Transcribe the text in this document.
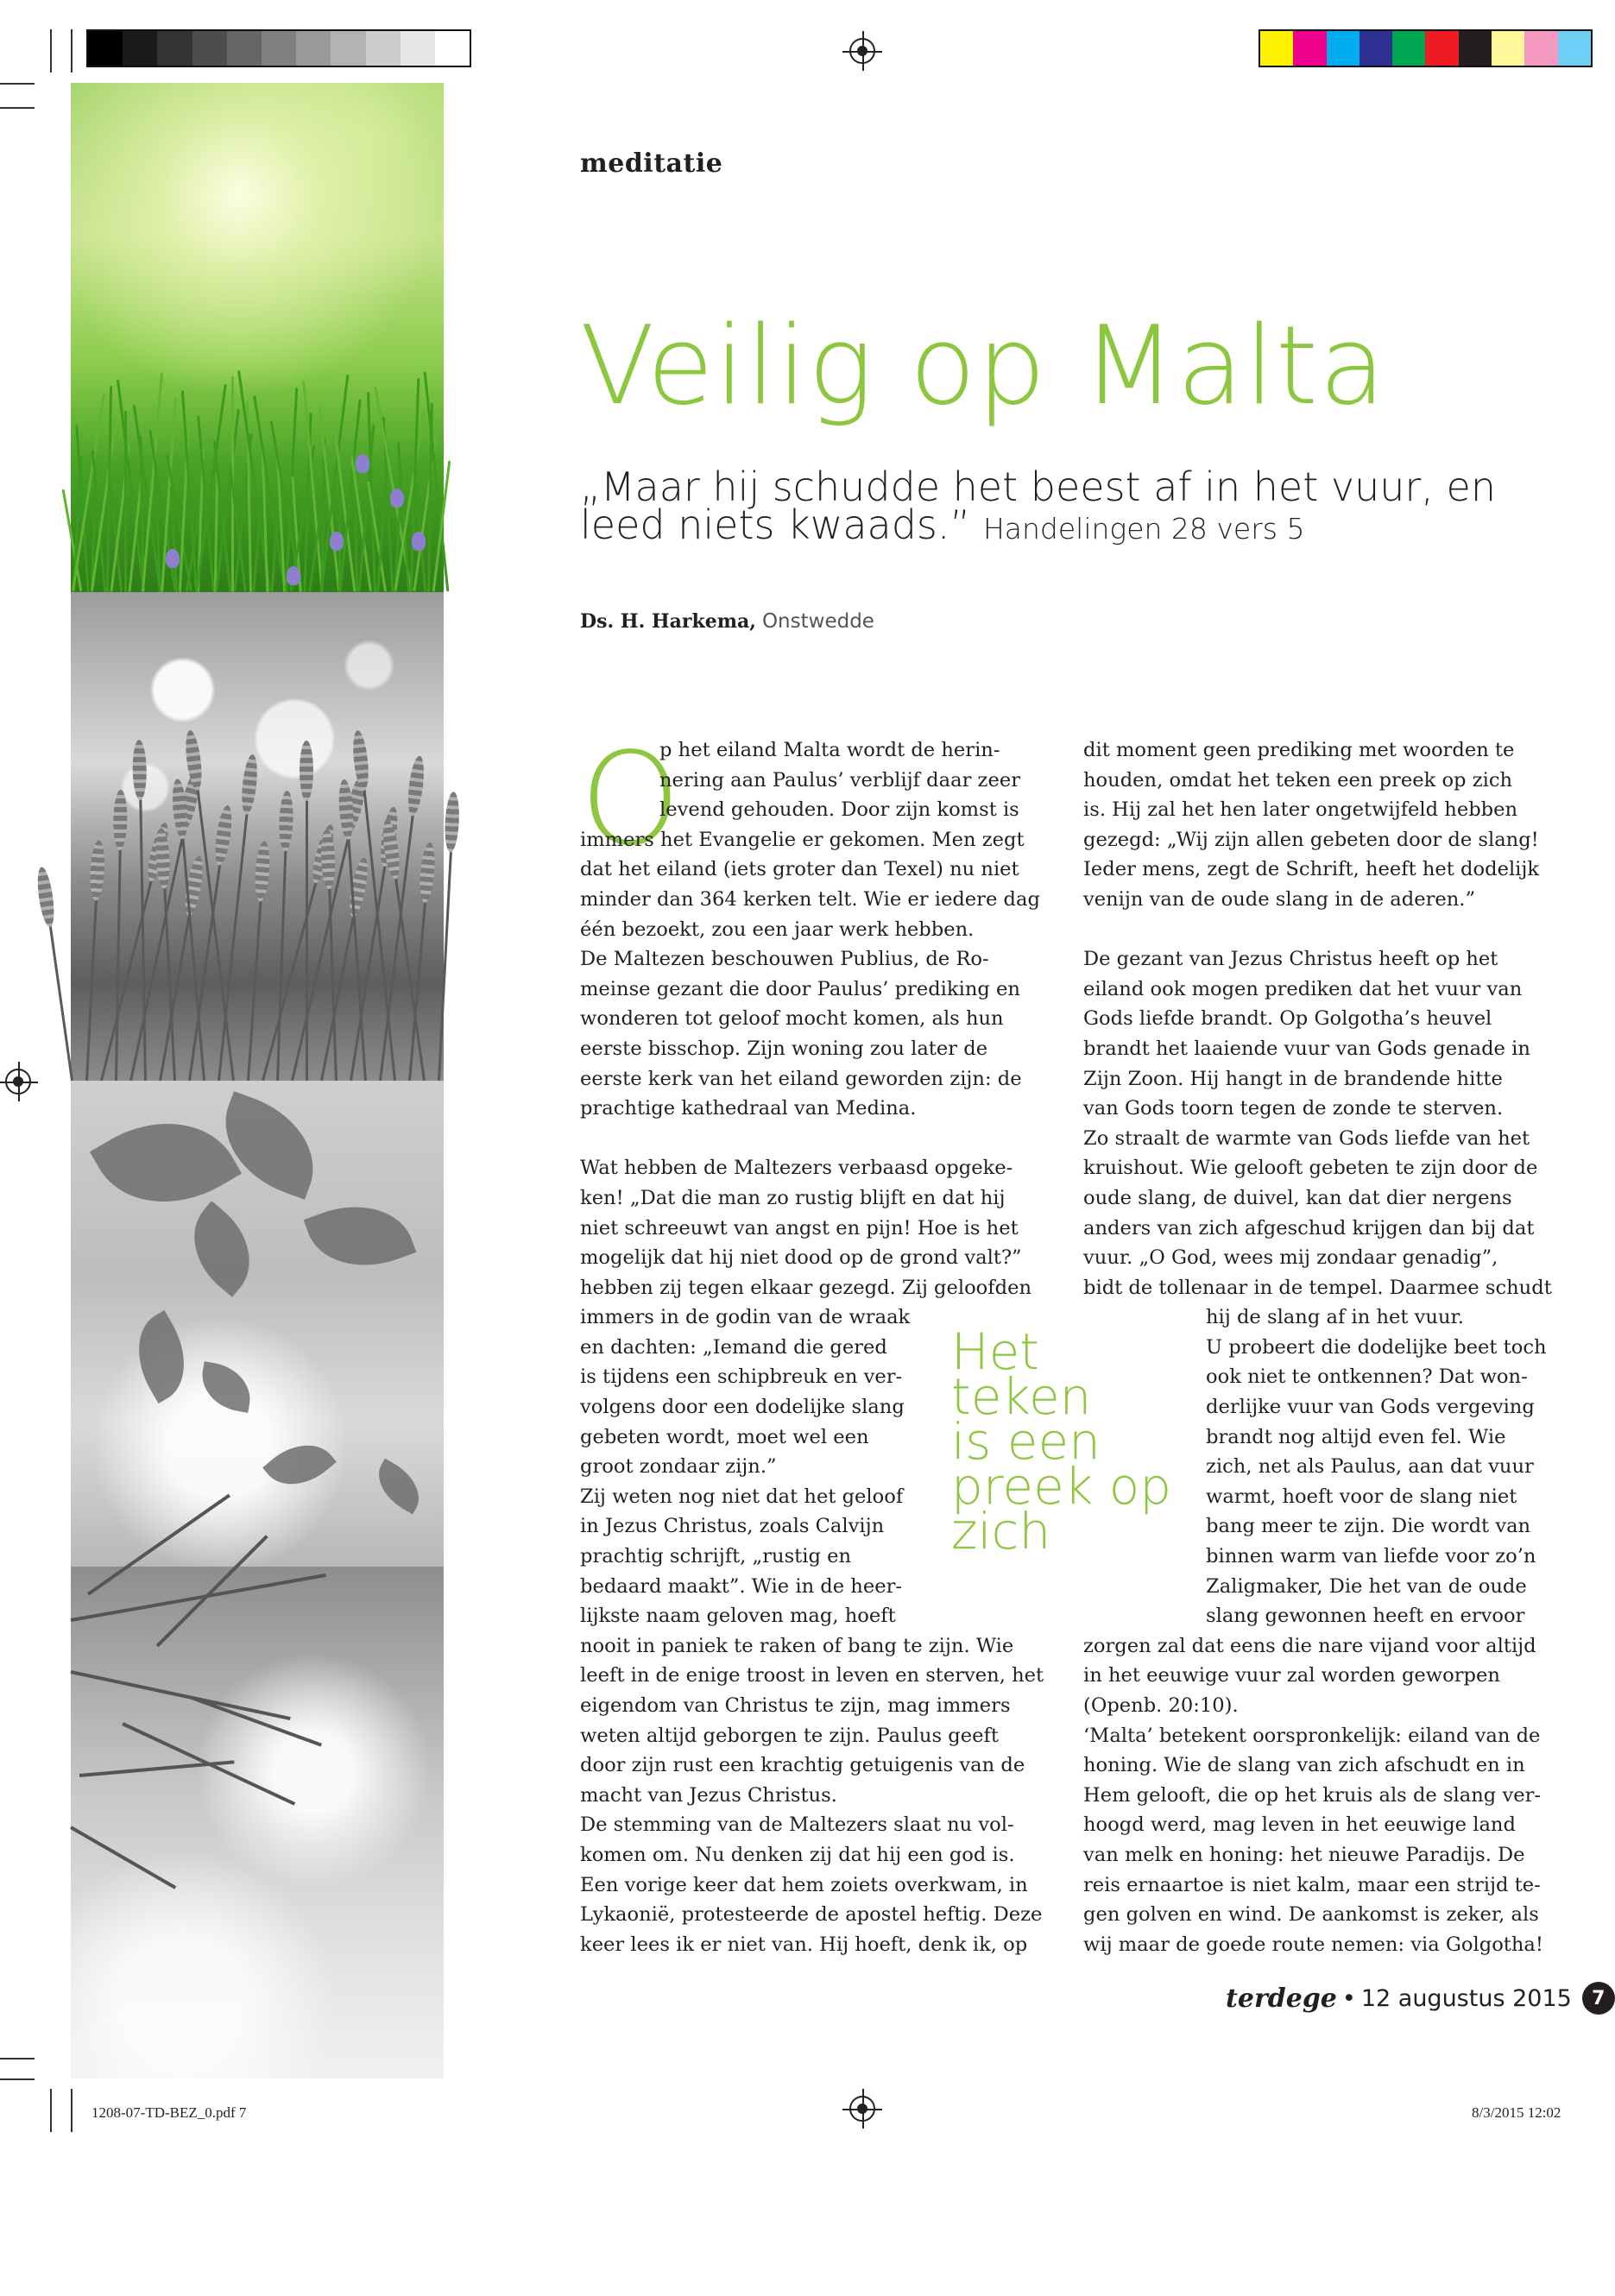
meditatie
Veilig op Malta
„Maar hij schudde het beest af in het vuur, en leed niets kwaads.” Handelingen 28 vers 5
Ds. H. Harkema, Onstwedde
O

p het eiland Malta wordt de herin-

nering aan Paulus’ verblijf daar zeer

levend gehouden. Door zijn komst is

immers het Evangelie er gekomen. Men zegt

dat het eiland (iets groter dan Texel) nu niet

minder dan 364 kerken telt. Wie er iedere dag

één bezoekt, zou een jaar werk hebben.

De Maltezen beschouwen Publius, de Ro-

meinse gezant die door Paulus’ prediking en

wonderen tot geloof mocht komen, als hun

eerste bisschop. Zijn woning zou later de

eerste kerk van het eiland geworden zijn: de

prachtige kathedraal van Medina.

Wat hebben de Maltezers verbaasd opgeke-

ken! „Dat die man zo rustig blijft en dat hij

niet schreeuwt van angst en pijn! Hoe is het

mogelijk dat hij niet dood op de grond valt?”

hebben zij tegen elkaar gezegd. Zij geloofden

immers in de godin van de wraak

en dachten: „Iemand die gered

is tijdens een schipbreuk en ver-

volgens door een dodelijke slang

gebeten wordt, moet wel een

groot zondaar zijn.”

Zij weten nog niet dat het geloof

in Jezus Christus, zoals Calvijn

prachtig schrijft, „rustig en

bedaard maakt”. Wie in de heer-

lijkste naam geloven mag, hoeft

nooit in paniek te raken of bang te zijn. Wie

leeft in de enige troost in leven en sterven, het

eigendom van Christus te zijn, mag immers

weten altijd geborgen te zijn. Paulus geeft

door zijn rust een krachtig getuigenis van de

macht van Jezus Christus.

De stemming van de Maltezers slaat nu vol-

komen om. Nu denken zij dat hij een god is.

Een vorige keer dat hem zoiets overkwam, in

Lykaonië, protesteerde de apostel heftig. Deze

keer lees ik er niet van. Hij hoeft, denk ik, op

dit moment geen prediking met woorden te

houden, omdat het teken een preek op zich

is. Hij zal het hen later ongetwijfeld hebben

gezegd: „Wij zijn allen gebeten door de slang!

Ieder mens, zegt de Schrift, heeft het dodelijk

venijn van de oude slang in de aderen.”

De gezant van Jezus Christus heeft op het

eiland ook mogen prediken dat het vuur van

Gods liefde brandt. Op Golgotha’s heuvel

brandt het laaiende vuur van Gods genade in

Zijn Zoon. Hij hangt in de brandende hitte

van Gods toorn tegen de zonde te sterven.

Zo straalt de warmte van Gods liefde van het

kruishout. Wie gelooft gebeten te zijn door de

oude slang, de duivel, kan dat dier nergens

anders van zich afgeschud krijgen dan bij dat

vuur. „O God, wees mij zondaar genadig”,

bidt de tollenaar in de tempel. Daarmee schudt

hij de slang af in het vuur.

U probeert die dodelijke beet toch

ook niet te ontkennen? Dat won-

derlijke vuur van Gods vergeving

brandt nog altijd even fel. Wie

zich, net als Paulus, aan dat vuur

warmt, hoeft voor de slang niet

bang meer te zijn. Die wordt van

binnen warm van liefde voor zo’n

Zaligmaker, Die het van de oude

slang gewonnen heeft en ervoor

zorgen zal dat eens die nare vijand voor altijd

in het eeuwige vuur zal worden geworpen

(Openb. 20:10).

‘Malta’ betekent oorspronkelijk: eiland van de

honing. Wie de slang van zich afschudt en in

Hem gelooft, die op het kruis als de slang ver-

hoogd werd, mag leven in het eeuwige land

van melk en honing: het nieuwe Paradijs. De

reis ernaartoe is niet kalm, maar een strijd te-

gen golven en wind. De aankomst is zeker, als

wij maar de goede route nemen: via Golgotha!

Het

teken

is een

preek op

zich

terdege • 12 augustus 2015	7
1208-07-TD-BEZ_0.pdf 7	8/3/2015 12:02
